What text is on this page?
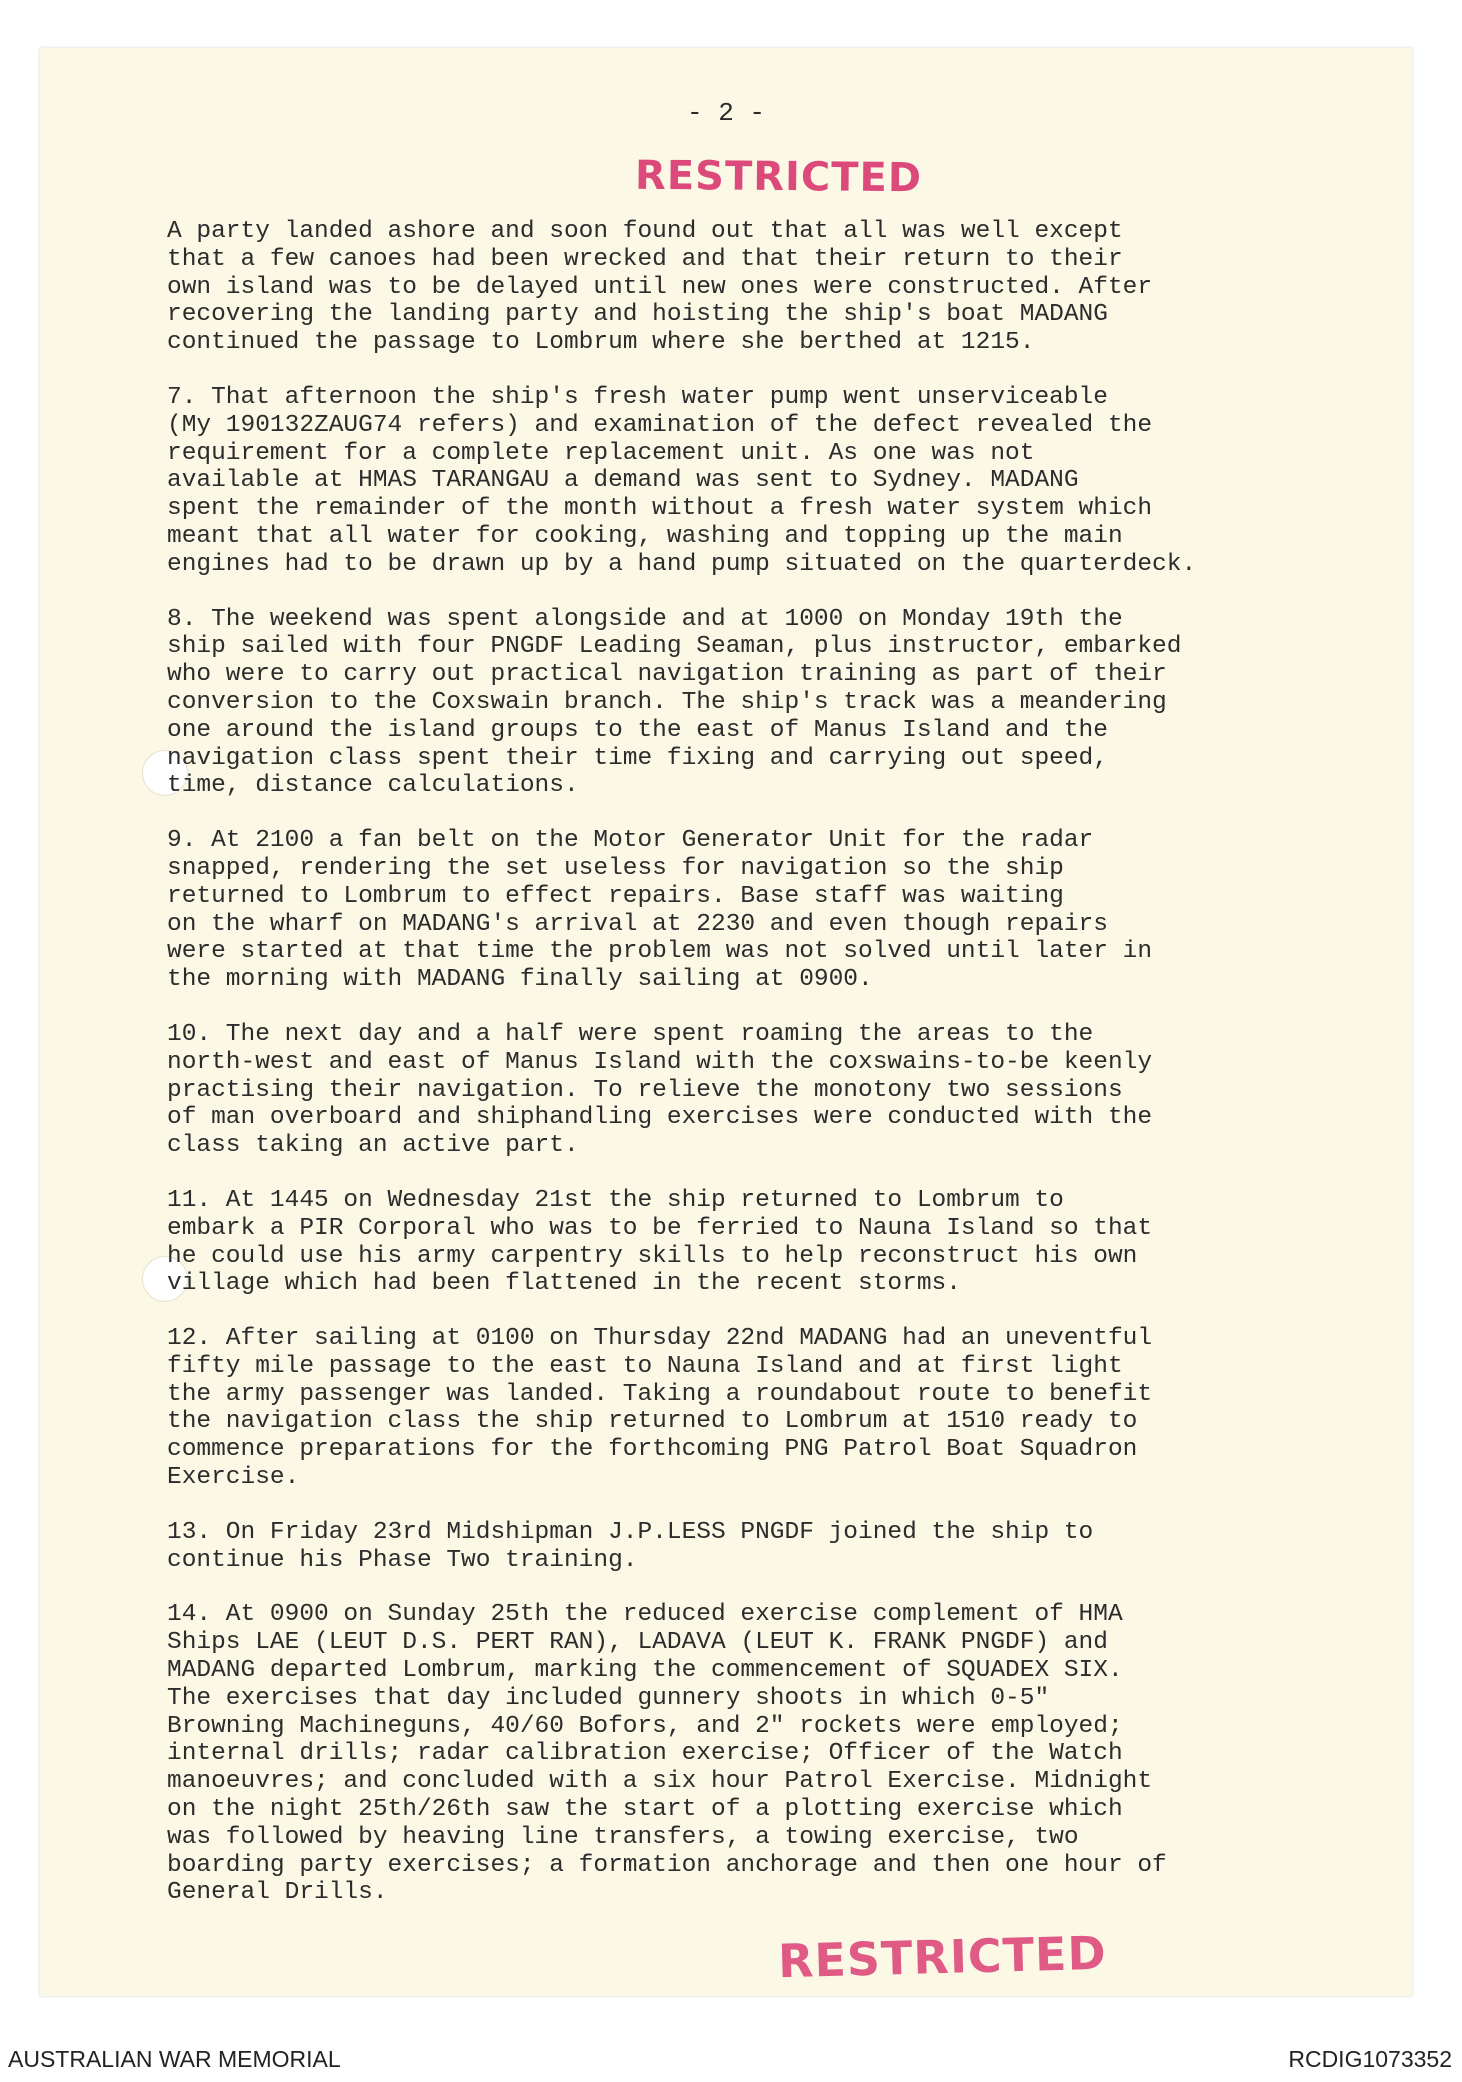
- 2 -
RESTRICTED

A party landed ashore and soon found out that all was well except
that a few canoes had been wrecked and that their return to their
own island was to be delayed until new ones were constructed. After
recovering the landing party and hoisting the ship's boat MADANG
continued the passage to Lombrum where she berthed at 1215.

7. That afternoon the ship's fresh water pump went unserviceable
(My 190132ZAUG74 refers) and examination of the defect revealed the
requirement for a complete replacement unit. As one was not
available at HMAS TARANGAU a demand was sent to Sydney. MADANG
spent the remainder of the month without a fresh water system which
meant that all water for cooking, washing and topping up the main
engines had to be drawn up by a hand pump situated on the quarterdeck.

8. The weekend was spent alongside and at 1000 on Monday 19th the
ship sailed with four PNGDF Leading Seaman, plus instructor, embarked
who were to carry out practical navigation training as part of their
conversion to the Coxswain branch. The ship's track was a meandering
one around the island groups to the east of Manus Island and the
navigation class spent their time fixing and carrying out speed,
time, distance calculations.

9. At 2100 a fan belt on the Motor Generator Unit for the radar
snapped, rendering the set useless for navigation so the ship
returned to Lombrum to effect repairs. Base staff was waiting
on the wharf on MADANG's arrival at 2230 and even though repairs
were started at that time the problem was not solved until later in
the morning with MADANG finally sailing at 0900.

10. The next day and a half were spent roaming the areas to the
north-west and east of Manus Island with the coxswains-to-be keenly
practising their navigation. To relieve the monotony two sessions
of man overboard and shiphandling exercises were conducted with the
class taking an active part.

11. At 1445 on Wednesday 21st the ship returned to Lombrum to
embark a PIR Corporal who was to be ferried to Nauna Island so that
he could use his army carpentry skills to help reconstruct his own
village which had been flattened in the recent storms.

12. After sailing at 0100 on Thursday 22nd MADANG had an uneventful
fifty mile passage to the east to Nauna Island and at first light
the army passenger was landed. Taking a roundabout route to benefit
the navigation class the ship returned to Lombrum at 1510 ready to
commence preparations for the forthcoming PNG Patrol Boat Squadron
Exercise.

13. On Friday 23rd Midshipman J.P.LESS PNGDF joined the ship to
continue his Phase Two training.

14. At 0900 on Sunday 25th the reduced exercise complement of HMA
Ships LAE (LEUT D.S. PERT RAN), LADAVA (LEUT K. FRANK PNGDF) and
MADANG departed Lombrum, marking the commencement of SQUADEX SIX.
The exercises that day included gunnery shoots in which 0-5"
Browning Machineguns, 40/60 Bofors, and 2" rockets were employed;
internal drills; radar calibration exercise; Officer of the Watch
manoeuvres; and concluded with a six hour Patrol Exercise. Midnight
on the night 25th/26th saw the start of a plotting exercise which
was followed by heaving line transfers, a towing exercise, two
boarding party exercises; a formation anchorage and then one hour of
General Drills.

RESTRICTED
AUSTRALIAN WAR MEMORIAL	RCDIG1073352
